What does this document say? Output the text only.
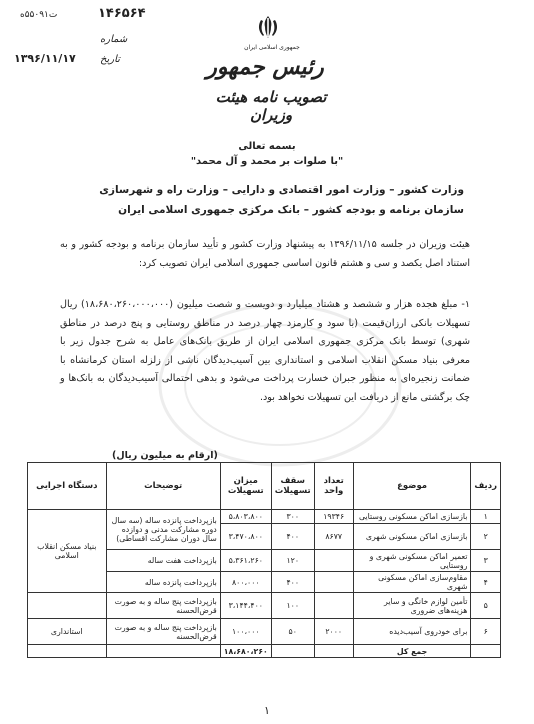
۱۴۶۵۶۴
ت۵۵۰۹۱ه
شماره
تاریخ
۱۳۹۶/۱۱/۱۷
جمهوری اسلامی ایران
رئیس جمهور
تصویب نامه هیئت وزیران
بسمه تعالی
"با صلوات بر محمد و آل محمد"
وزارت کشور – وزارت امور اقتصادی و دارایی – وزارت راه و شهرسازی
سازمان برنامه و بودجه کشور – بانک مرکزی جمهوری اسلامی ایران
هیئت وزیران در جلسه ۱۳۹۶/۱۱/۱۵ به پیشنهاد وزارت کشور و تأیید سازمان برنامه و بودجه کشور و به استناد اصل یکصد و سی و هشتم قانون اساسی جمهوری اسلامی ایران تصویب کرد:
۱- مبلغ هجده هزار و ششصد و هشتاد میلیارد و دویست و شصت میلیون (۱۸،۶۸۰،۲۶۰،۰۰۰،۰۰۰) ریال تسهیلات بانکی ارزان‌قیمت (با سود و کارمزد چهار درصد در مناطق روستایی و پنج درصد در مناطق شهری) توسط بانک مرکزی جمهوری اسلامی ایران از طریق بانک‌های عامل به شرح جدول زیر با معرفی بنیاد مسکن انقلاب اسلامی و استانداری بین آسیب‌دیدگان ناشی از زلزله استان کرمانشاه با ضمانت زنجیره‌ای به منظور جبران خسارت پرداخت می‌شود و بدهی احتمالی آسیب‌دیدگان به بانک‌ها و چک برگشتی مانع از دریافت این تسهیلات نخواهد بود.
(ارقام به میلیون ریال)
ردیف	موضوع	تعداد واحد	سقف تسهیلات	میزان تسهیلات	توضیحات	دستگاه اجرایی
۱	بازسازی اماکن مسکونی روستایی	۱۹۳۴۶	۳۰۰	۵،۸۰۳،۸۰۰	بازپرداخت پانزده ساله (سه سال دوره مشارکت مدنی و دوازده سال دوران مشارکت اقساطی)	بنیاد مسکن انقلاب اسلامی
۲	بازسازی اماکن مسکونی شهری	۸۶۷۷	۴۰۰	۳،۴۷۰،۸۰۰		
۳	تعمیر اماکن مسکونی شهری و روستایی		۱۲۰	۵،۳۶۱،۲۶۰	بازپرداخت هفت ساله	
۴	مقاوم‌سازی اماکن مسکونی شهری		۴۰۰	۸۰۰،۰۰۰	بازپرداخت پانزده ساله	
۵	تأمین لوازم خانگی و سایر هزینه‌های ضروری		۱۰۰	۳،۱۴۴،۴۰۰	بازپرداخت پنج ساله و به صورت قرض‌الحسنه	
۶	برای خودروی آسیب‌دیده	۲۰۰۰	۵۰	۱۰۰،۰۰۰	بازپرداخت پنج ساله و به صورت قرض‌الحسنه	استانداری
	جمع کل			۱۸،۶۸۰،۲۶۰		
۱
